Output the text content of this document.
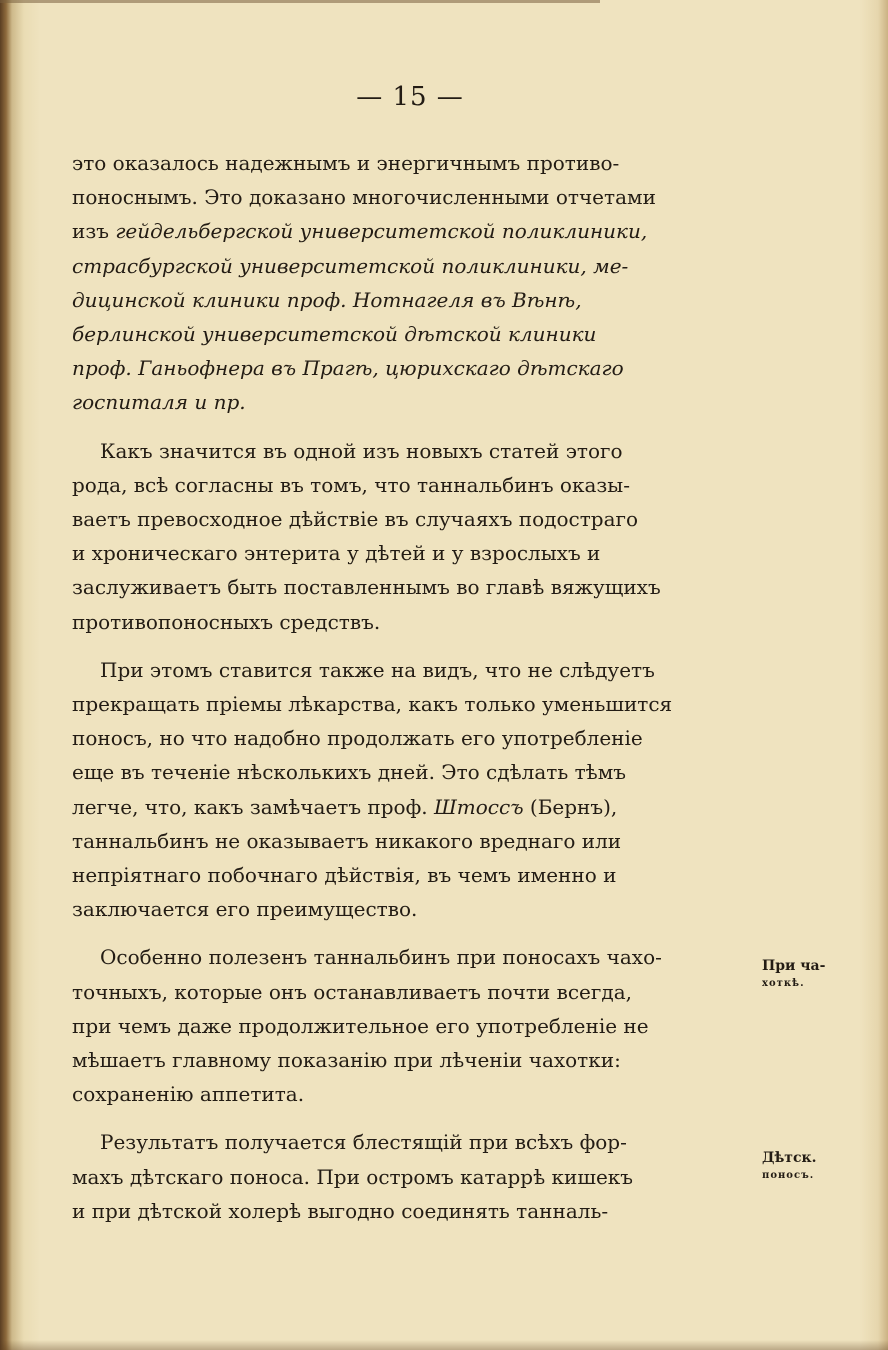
— 15 —

это оказалось надежнымъ и энергичнымъ противо-
поноснымъ. Это доказано многочисленными отчетами
изъ гейдельбергской университетской поликлиники,
страсбургской университетской поликлиники, ме-
дицинской клиники проф. Нотнагеля въ Вѣнѣ,
берлинской университетской дѣтской клиники
проф. Ганьофнера въ Прагѣ, цюрихскаго дѣтскаго
госпиталя и пр.

Какъ значится въ одной изъ новыхъ статей этого
рода, всѣ согласны въ томъ, что таннальбинъ оказы-
ваетъ превосходное дѣйствіе въ случаяхъ подостраго
и хроническаго энтерита у дѣтей и у взрослыхъ и
заслуживаетъ быть поставленнымъ во главѣ вяжущихъ
противопоносныхъ средствъ.

При этомъ ставится также на видъ, что не слѣдуетъ
прекращать пріемы лѣкарства, какъ только уменьшится
поносъ, но что надобно продолжать его употребленіе
еще въ теченіе нѣсколькихъ дней. Это сдѣлать тѣмъ
легче, что, какъ замѣчаетъ проф. Штоссъ (Бернъ),
таннальбинъ не оказываетъ никакого вреднаго или
непріятнаго побочнаго дѣйствія, въ чемъ именно и
заключается его преимущество.

Особенно полезенъ таннальбинъ при поносахъ чахо-
точныхъ, которые онъ останавливаетъ почти всегда,
при чемъ даже продолжительное его употребленіе не
мѣшаетъ главному показанію при лѣченіи чахотки:
сохраненію аппетита.

Результатъ получается блестящій при всѣхъ фор-
махъ дѣтскаго поноса. При остромъ катаррѣ кишекъ
и при дѣтской холерѣ выгодно соединять танналь-

При ча-
хоткѣ.
Дѣтск.
поносъ.
